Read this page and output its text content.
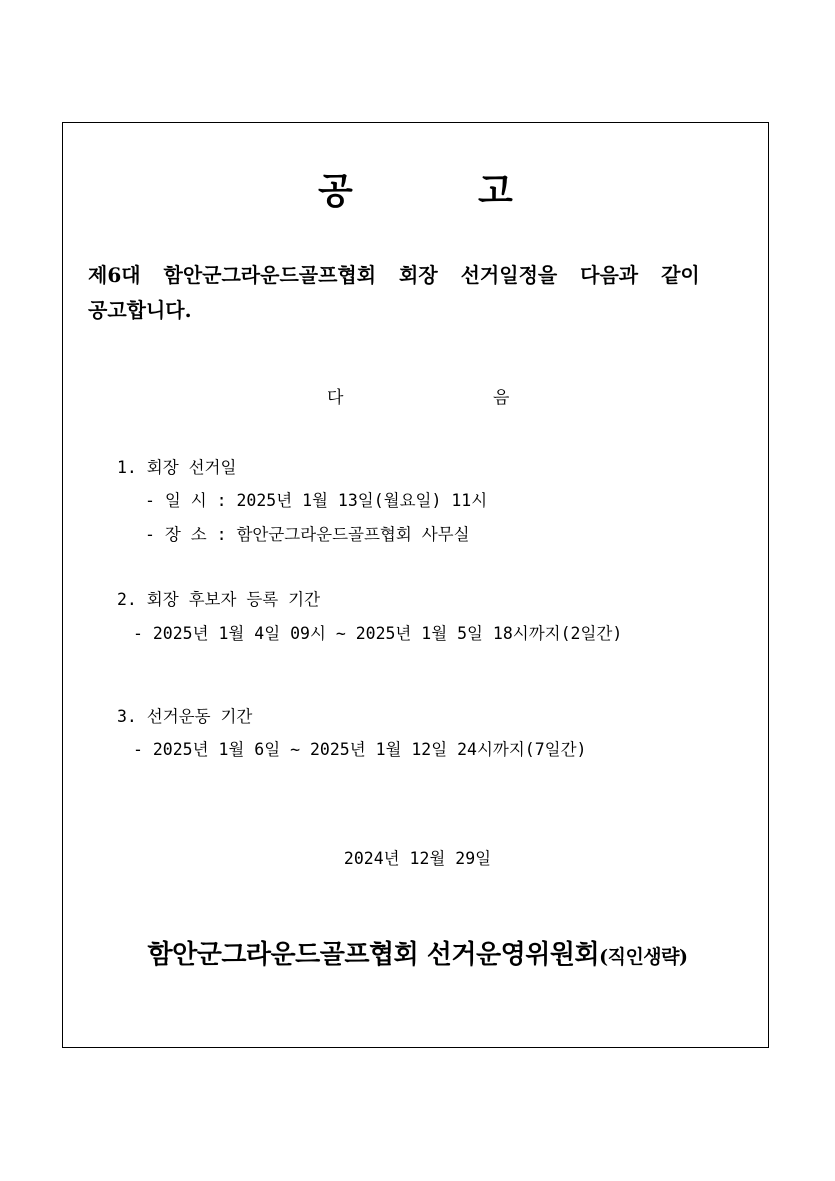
공	고
제6대 함안군그라운드골프협회 회장 선거일정을 다음과 같이
공고합니다.
다	음
1. 회장 선거일
- 일 시 : 2025년 1월 13일(월요일) 11시
- 장 소 : 함안군그라운드골프협회 사무실
2. 회장 후보자 등록 기간
- 2025년 1월 4일 09시 ~ 2025년 1월 5일 18시까지(2일간)
3. 선거운동 기간
- 2025년 1월 6일 ~ 2025년 1월 12일 24시까지(7일간)
2024년 12월 29일
함안군그라운드골프협회 선거운영위원회(직인생략)
